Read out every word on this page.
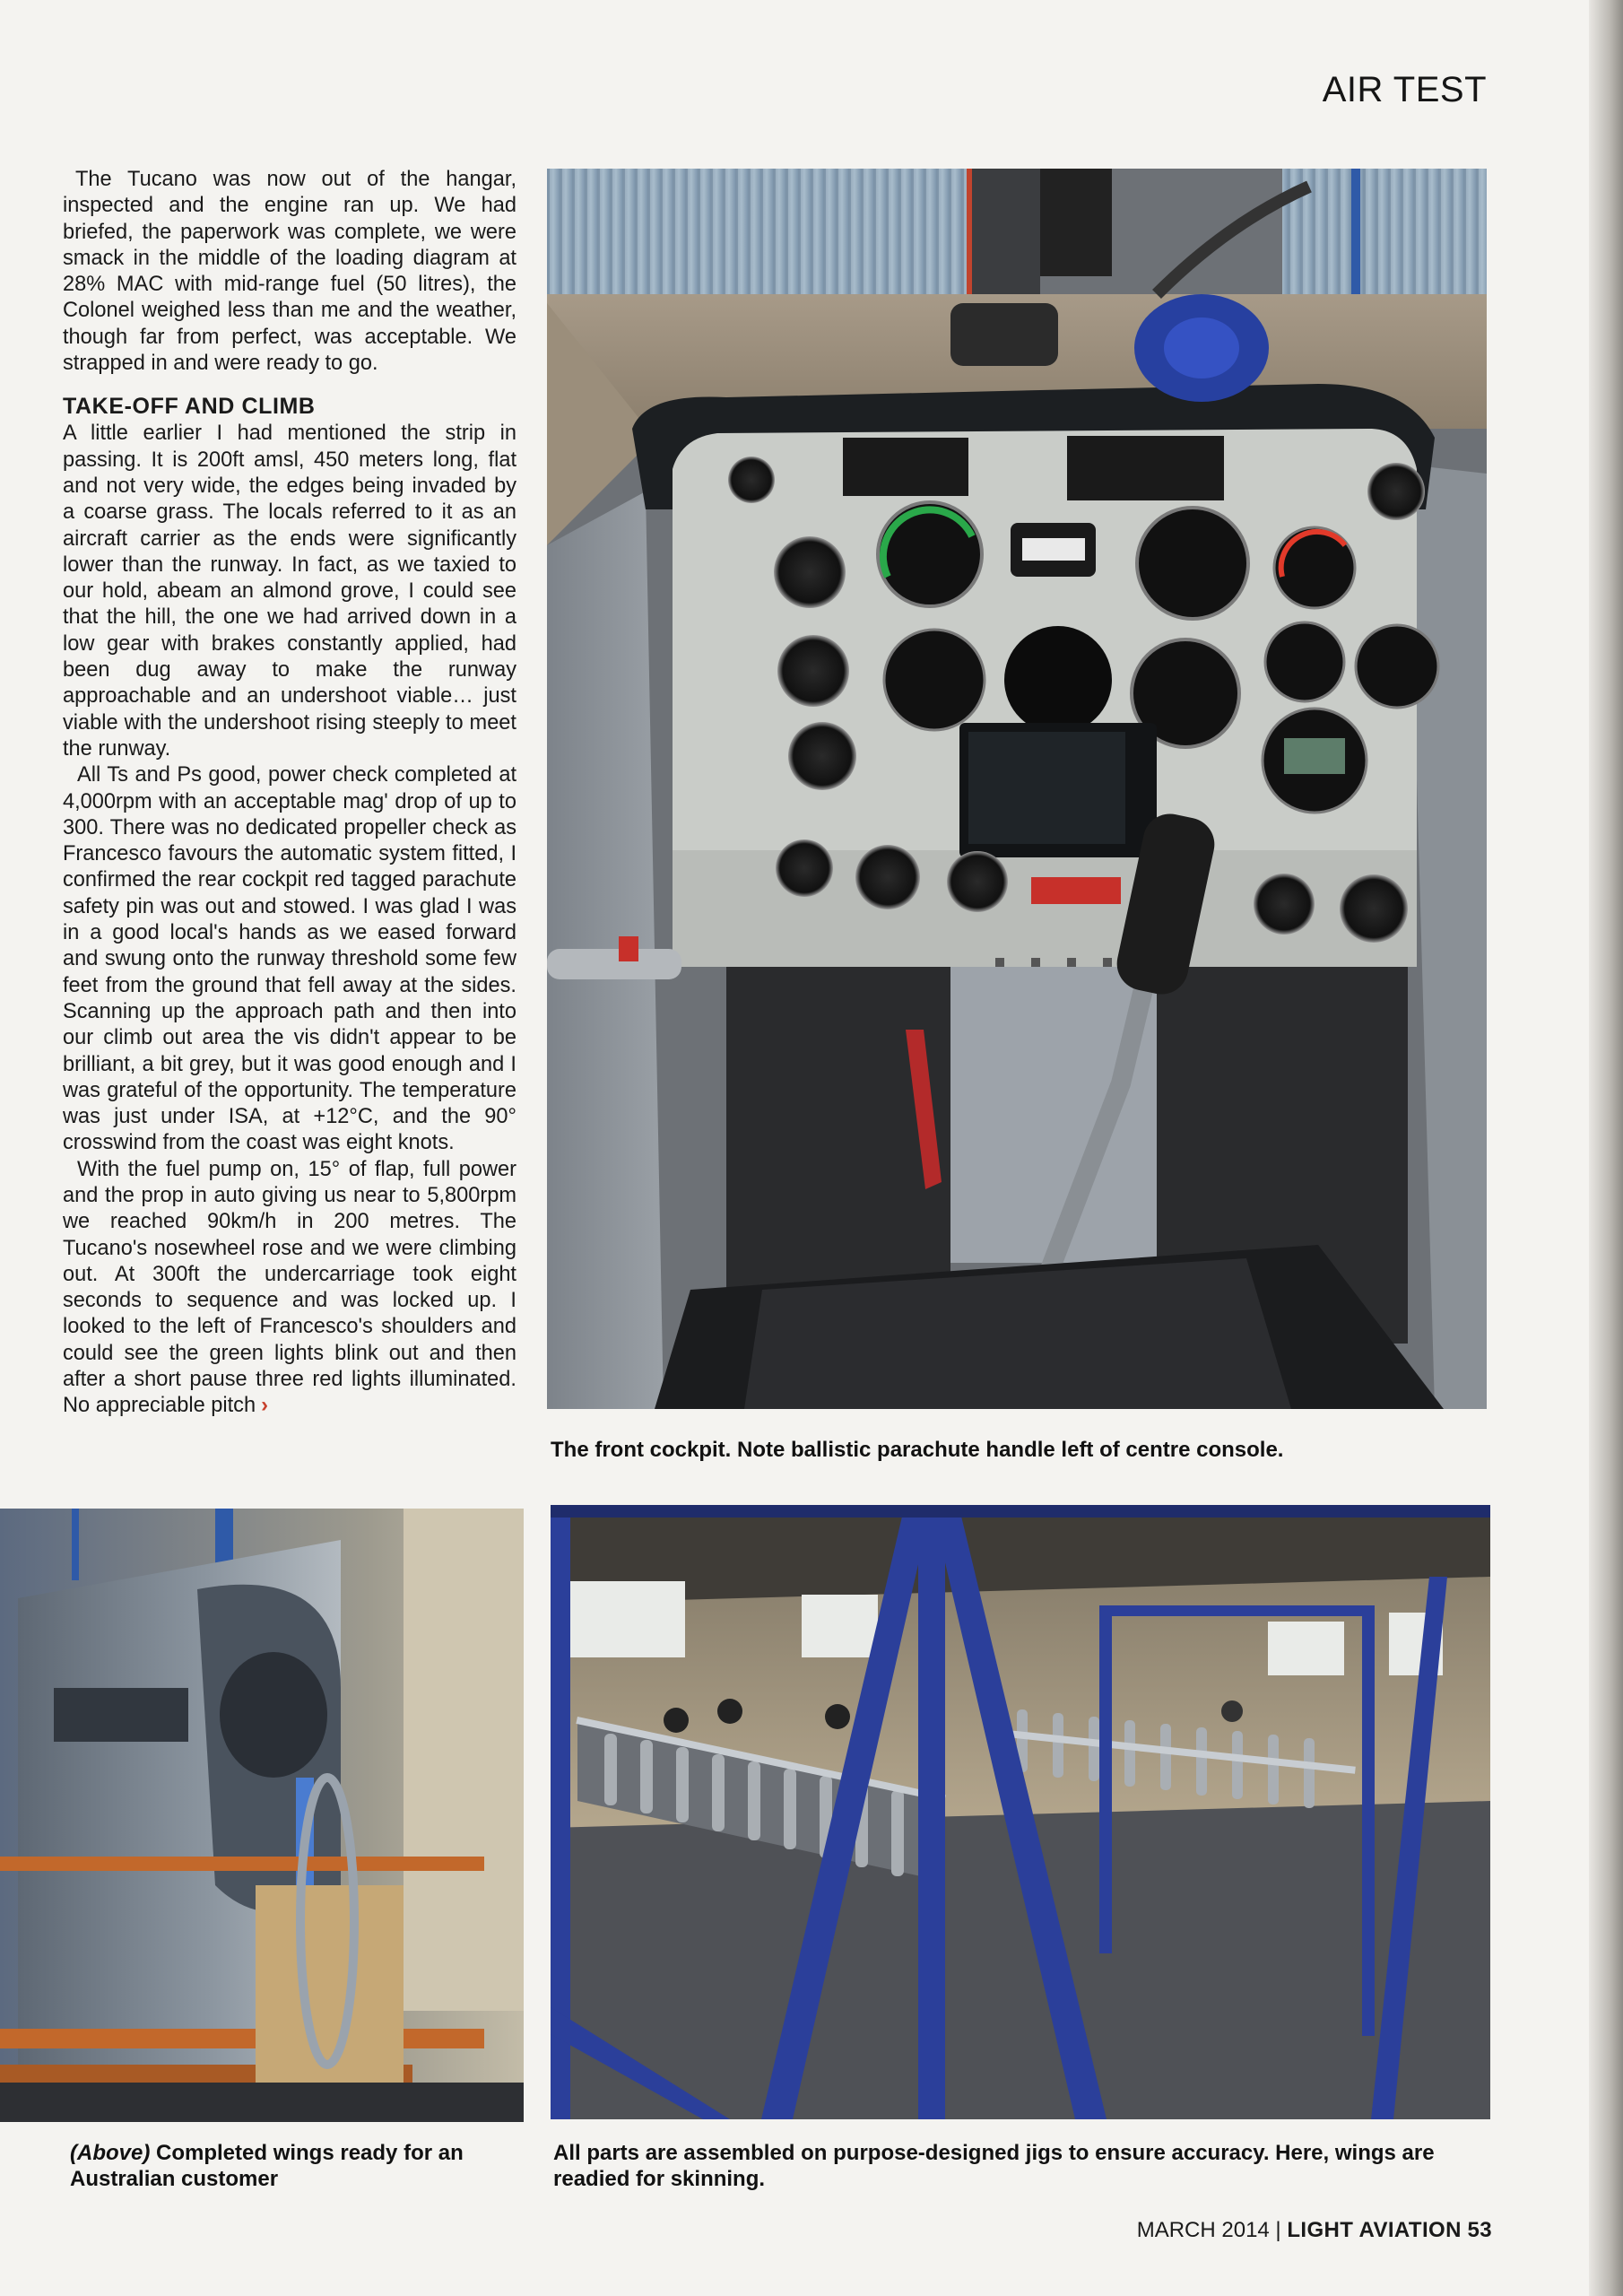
AIR TEST

The Tucano was now out of the hangar, inspected and the engine ran up. We had briefed, the paperwork was complete, we were smack in the middle of the loading diagram at 28% MAC with mid-range fuel (50 litres), the Colonel weighed less than me and the weather, though far from perfect, was acceptable. We strapped in and were ready to go.

TAKE-OFF AND CLIMB

A little earlier I had mentioned the strip in passing. It is 200ft amsl, 450 meters long, flat and not very wide, the edges being invaded by a coarse grass. The locals referred to it as an aircraft carrier as the ends were significantly lower than the runway. In fact, as we taxied to our hold, abeam an almond grove, I could see that the hill, the one we had arrived down in a low gear with brakes constantly applied, had been dug away to make the runway approachable and an undershoot viable… just viable with the undershoot rising steeply to meet the runway.

All Ts and Ps good, power check completed at 4,000rpm with an acceptable mag' drop of up to 300. There was no dedicated propeller check as Francesco favours the automatic system fitted, I confirmed the rear cockpit red tagged parachute safety pin was out and stowed. I was glad I was in a good local's hands as we eased forward and swung onto the runway threshold some few feet from the ground that fell away at the sides. Scanning up the approach path and then into our climb out area the vis didn't appear to be brilliant, a bit grey, but it was good enough and I was grateful of the opportunity. The temperature was just under ISA, at +12°C, and the 90° crosswind from the coast was eight knots.

With the fuel pump on, 15° of flap, full power and the prop in auto giving us near to 5,800rpm we reached 90km/h in 200 metres. The Tucano's nosewheel rose and we were climbing out. At 300ft the undercarriage took eight seconds to sequence and was locked up. I looked to the left of Francesco's shoulders and could see the green lights blink out and then after a short pause three red lights illuminated. No appreciable pitch ›

The front cockpit. Note ballistic parachute handle left of centre console.
(Above) Completed wings ready for an Australian customer
All parts are assembled on purpose-designed jigs to ensure accuracy. Here, wings are readied for skinning.
MARCH 2014 | LIGHT AVIATION 53
